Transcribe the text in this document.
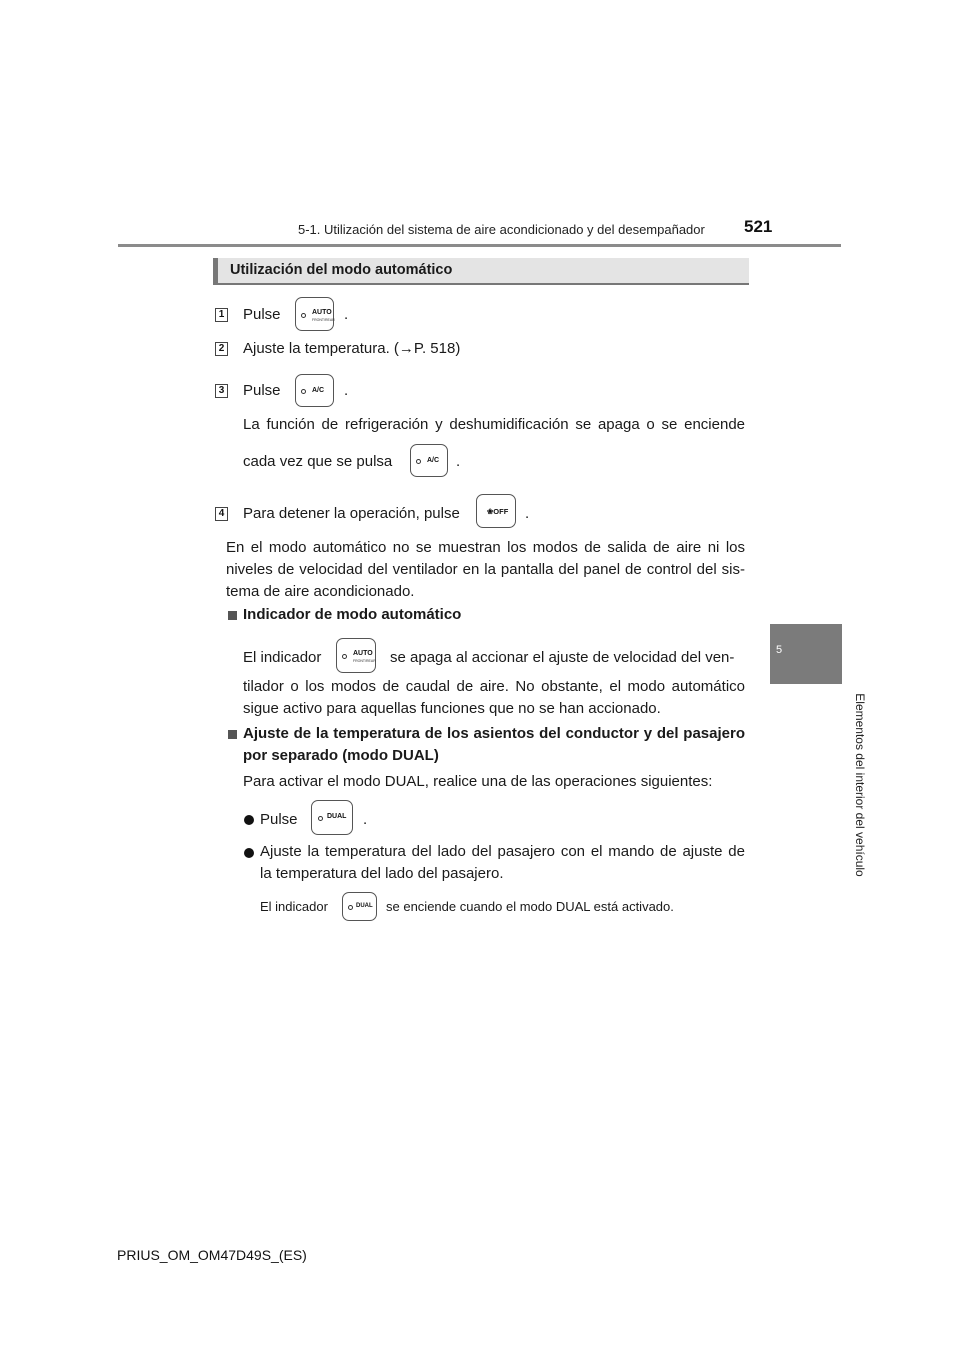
5-1. Utilización del sistema de aire acondicionado y del desempañador 521
5
Elementos del interior del vehículo
Utilización del modo automático
1 Pulse	AUTO
FRONT/REAR .
2 Ajuste la temperatura. (→P. 518)
3 Pulse	A/C .
La función de refrigeración y deshumidificación se apaga o se enciende
cada vez que se pulsa	A/C .
4 Para detener la operación, pulse	❀OFF .
En el modo automático no se muestran los modos de salida de aire ni los
niveles de velocidad del ventilador en la pantalla del panel de control del sis-
tema de aire acondicionado.
Indicador de modo automático
El indicador	AUTO
FRONT/REAR se apaga al accionar el ajuste de velocidad del ven-
tilador o los modos de caudal de aire. No obstante, el modo automático
sigue activo para aquellas funciones que no se han accionado.
Ajuste de la temperatura de los asientos del conductor y del pasajero
por separado (modo DUAL)
Para activar el modo DUAL, realice una de las operaciones siguientes:
Pulse	DUAL .
Ajuste la temperatura del lado del pasajero con el mando de ajuste de
la temperatura del lado del pasajero.
El indicador	DUAL se enciende cuando el modo DUAL está activado.
PRIUS_OM_OM47D49S_(ES)
